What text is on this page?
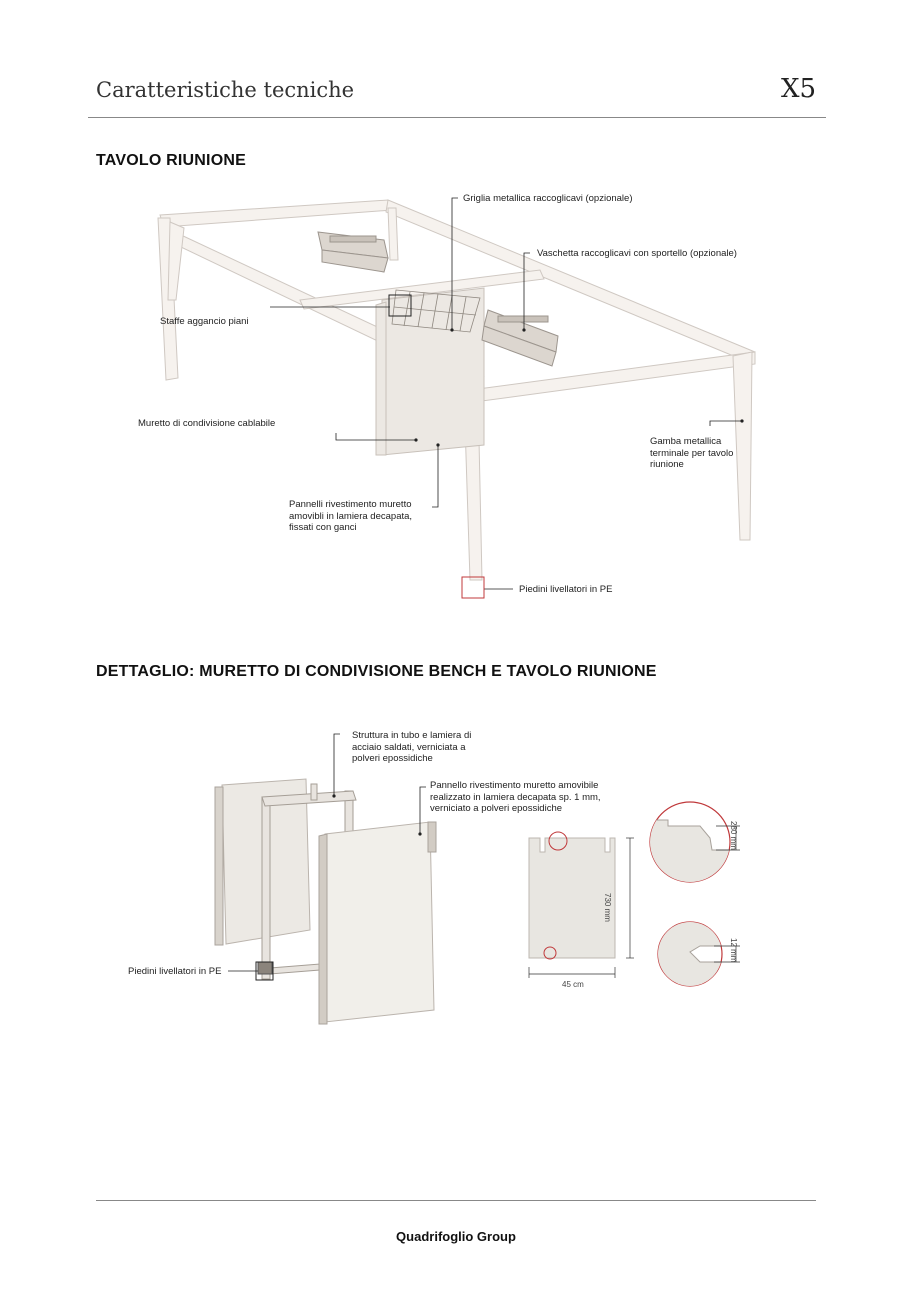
Caratteristiche tecniche	X5
TAVOLO RIUNIONE
Griglia metallica raccoglicavi (opzionale)
Vaschetta raccoglicavi con sportello (opzionale)
Staffe aggancio piani
Muretto di condivisione cablabile
Gamba metallica
terminale per tavolo
riunione
Pannelli rivestimento muretto
amovibli in lamiera decapata,
fissati con ganci
Piedini livellatori in PE
DETTAGLIO: MURETTO DI CONDIVISIONE BENCH E TAVOLO RIUNIONE
Struttura in tubo e lamiera di
acciaio saldati, verniciata a
polveri epossidiche
Pannello rivestimento muretto amovibile
realizzato in lamiera decapata sp. 1 mm,
verniciato a polveri epossidiche
Piedini livellatori in PE
730 mm
45 cm
280 mm
12 mm
Quadrifoglio Group
